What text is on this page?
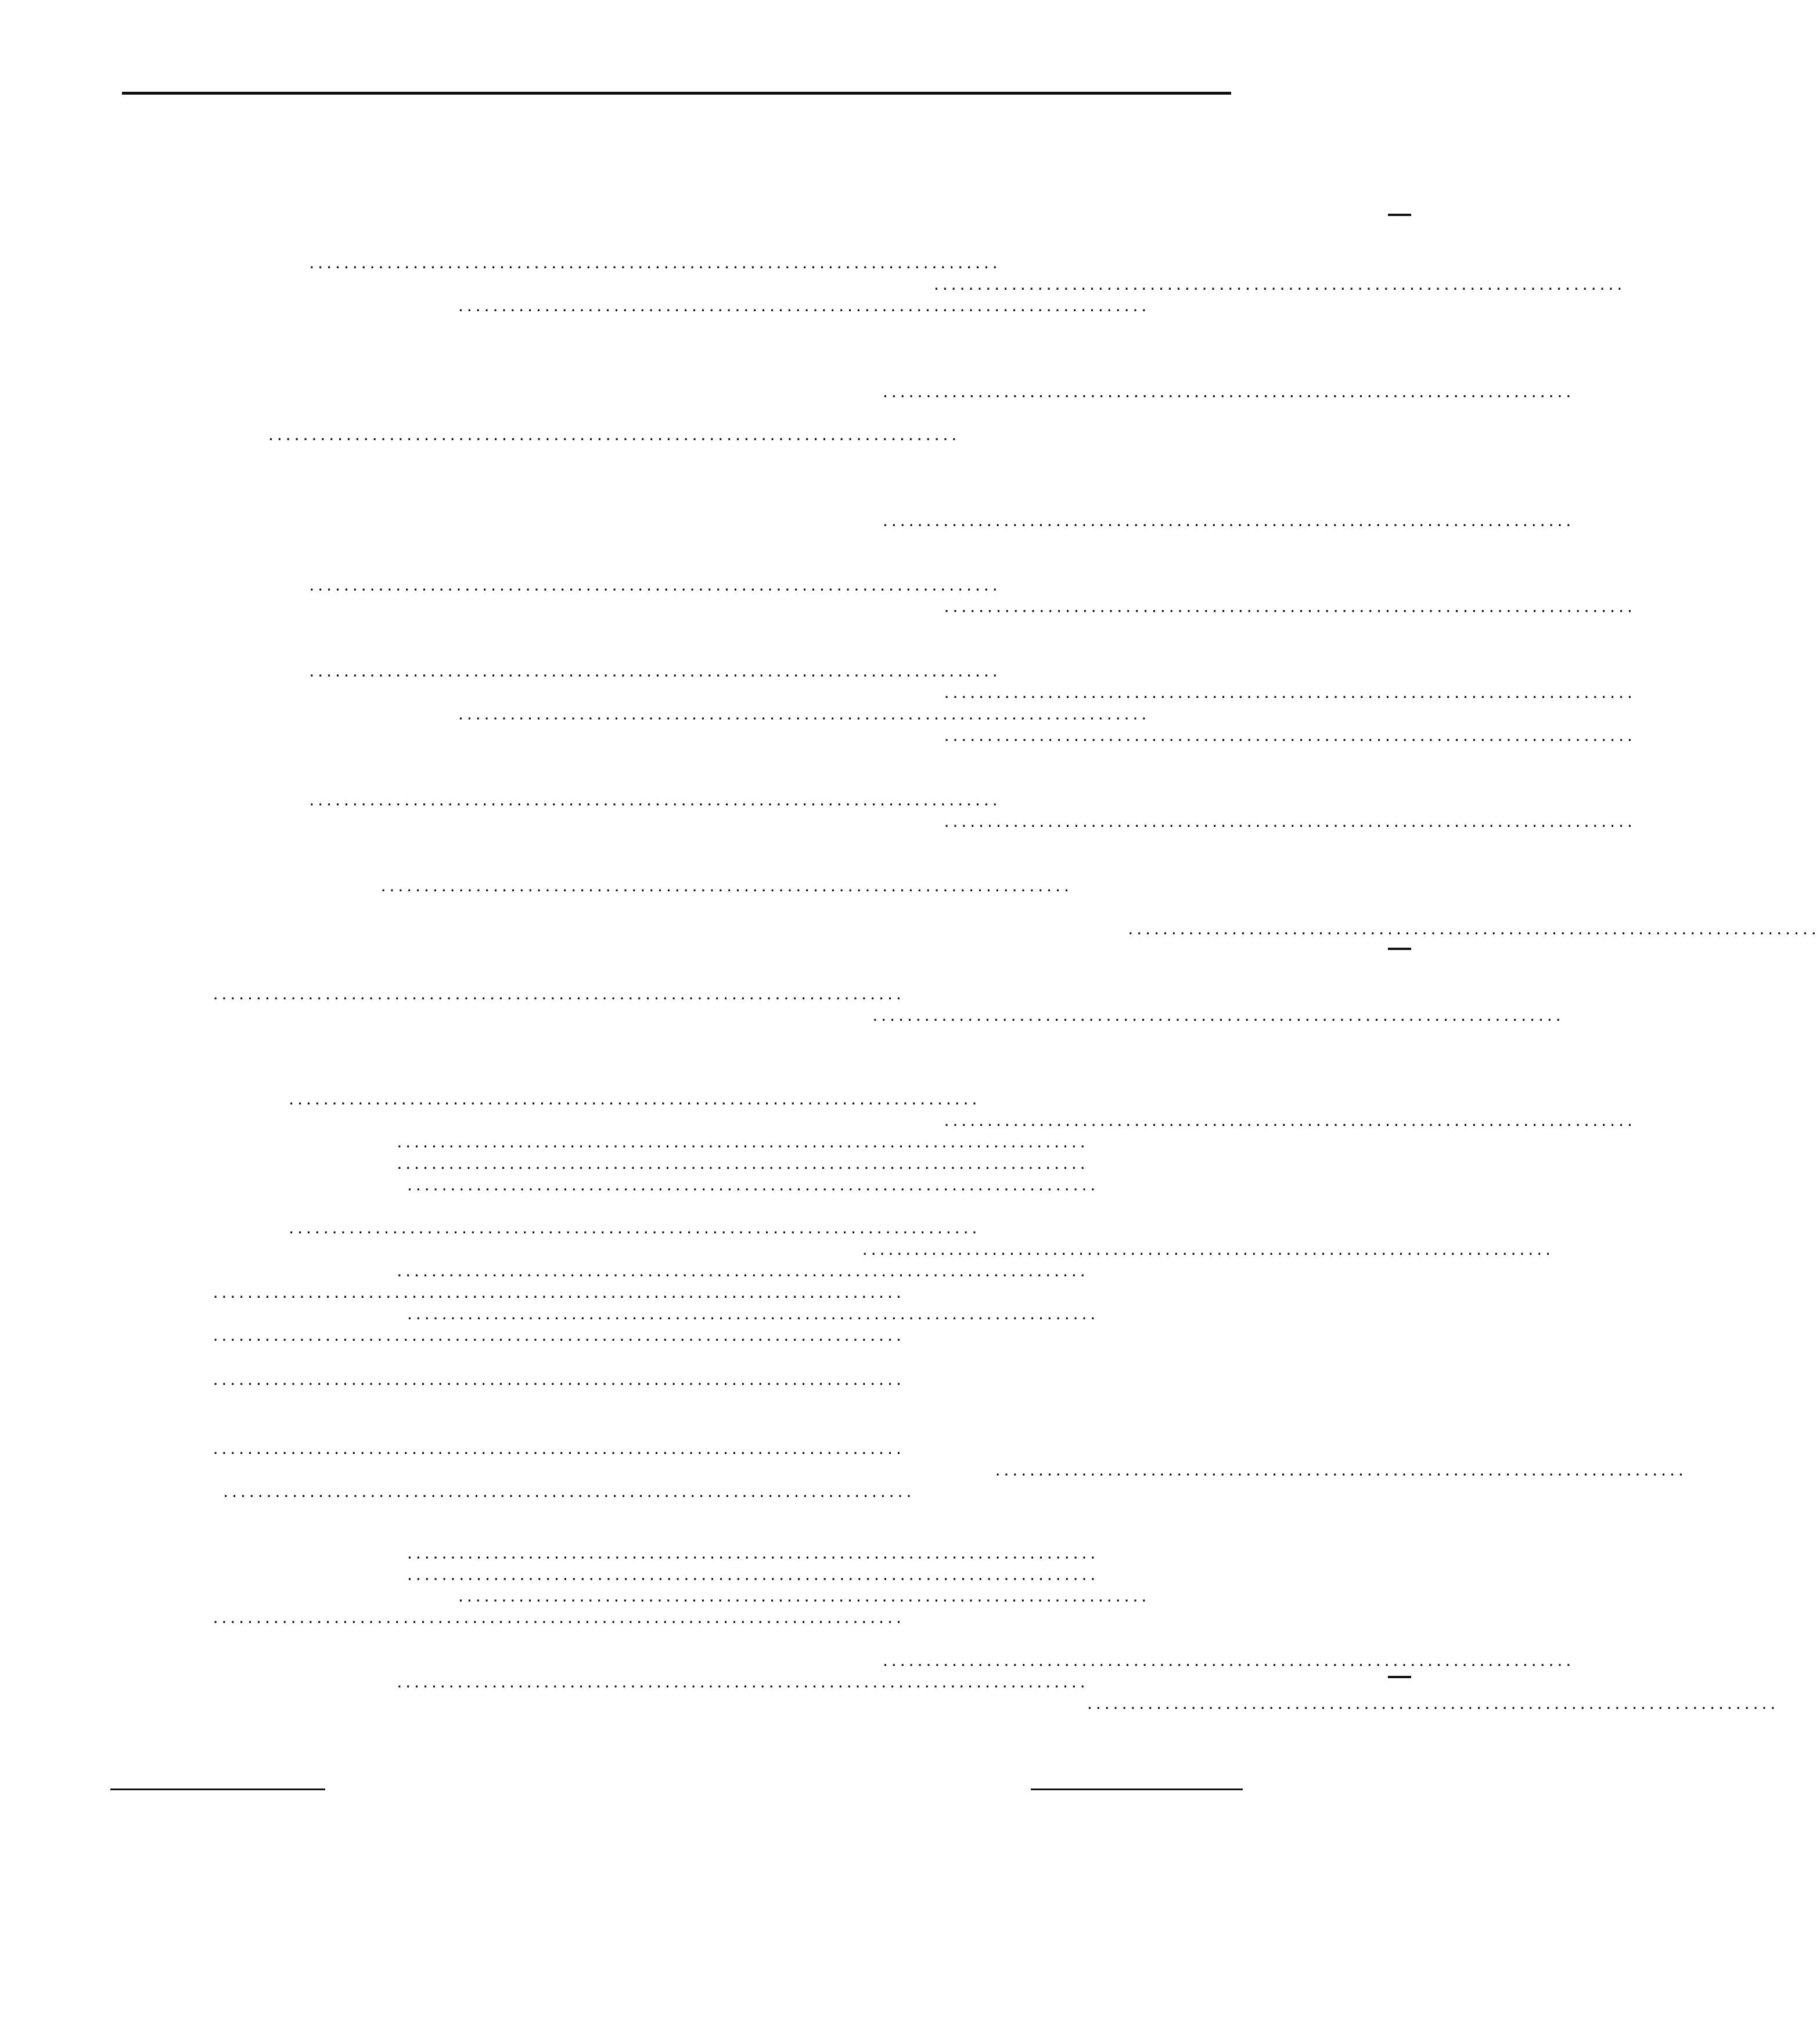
................................................................................
................................................................................
................................................................................
................................................................................
................................................................................
................................................................................
................................................................................
................................................................................
................................................................................
................................................................................
................................................................................
................................................................................
................................................................................
................................................................................
................................................................................
................................................................................
................................................................................
................................................................................
................................................................................
................................................................................
................................................................................
................................................................................
................................................................................
................................................................................
................................................................................
................................................................................
................................................................................
................................................................................
................................................................................
................................................................................
................................................................................
................................................................................
................................................................................
................................................................................
................................................................................
................................................................................
................................................................................
................................................................................
................................................................................
................................................................................
